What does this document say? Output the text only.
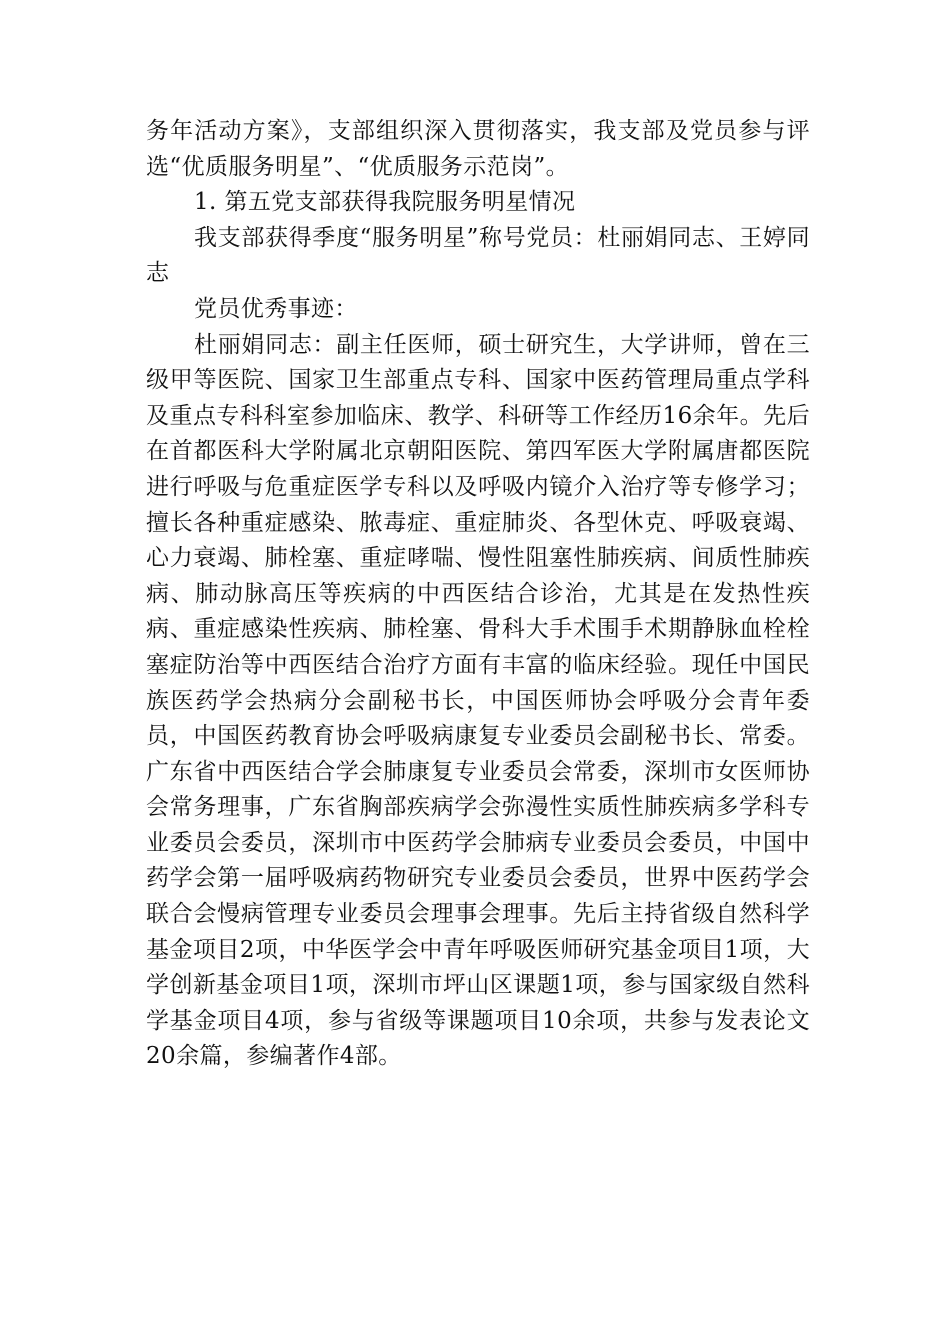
务年活动方案》，支部组织深入贯彻落实，我支部及党员参与评选“优质服务明星”、“优质服务示范岗”。

1. 第五党支部获得我院服务明星情况

我支部获得季度“服务明星”称号党员：杜丽娟同志、王婷同志

党员优秀事迹：

杜丽娟同志：副主任医师，硕士研究生，大学讲师，曾在三级甲等医院、国家卫生部重点专科、国家中医药管理局重点学科及重点专科科室参加临床、教学、科研等工作经历16余年。先后在首都医科大学附属北京朝阳医院、第四军医大学附属唐都医院进行呼吸与危重症医学专科以及呼吸内镜介入治疗等专修学习；擅长各种重症感染、脓毒症、重症肺炎、各型休克、呼吸衰竭、心力衰竭、肺栓塞、重症哮喘、慢性阻塞性肺疾病、间质性肺疾病、肺动脉高压等疾病的中西医结合诊治，尤其是在发热性疾病、重症感染性疾病、肺栓塞、骨科大手术围手术期静脉血栓栓塞症防治等中西医结合治疗方面有丰富的临床经验。现任中国民族医药学会热病分会副秘书长，中国医师协会呼吸分会青年委员，中国医药教育协会呼吸病康复专业委员会副秘书长、常委。广东省中西医结合学会肺康复专业委员会常委，深圳市女医师协会常务理事，广东省胸部疾病学会弥漫性实质性肺疾病多学科专业委员会委员，深圳市中医药学会肺病专业委员会委员，中国中药学会第一届呼吸病药物研究专业委员会委员，世界中医药学会联合会慢病管理专业委员会理事会理事。先后主持省级自然科学基金项目2项，中华医学会中青年呼吸医师研究基金项目1项，大学创新基金项目1项，深圳市坪山区课题1项，参与国家级自然科学基金项目4项，参与省级等课题项目10余项，共参与发表论文20余篇，参编著作4部。
